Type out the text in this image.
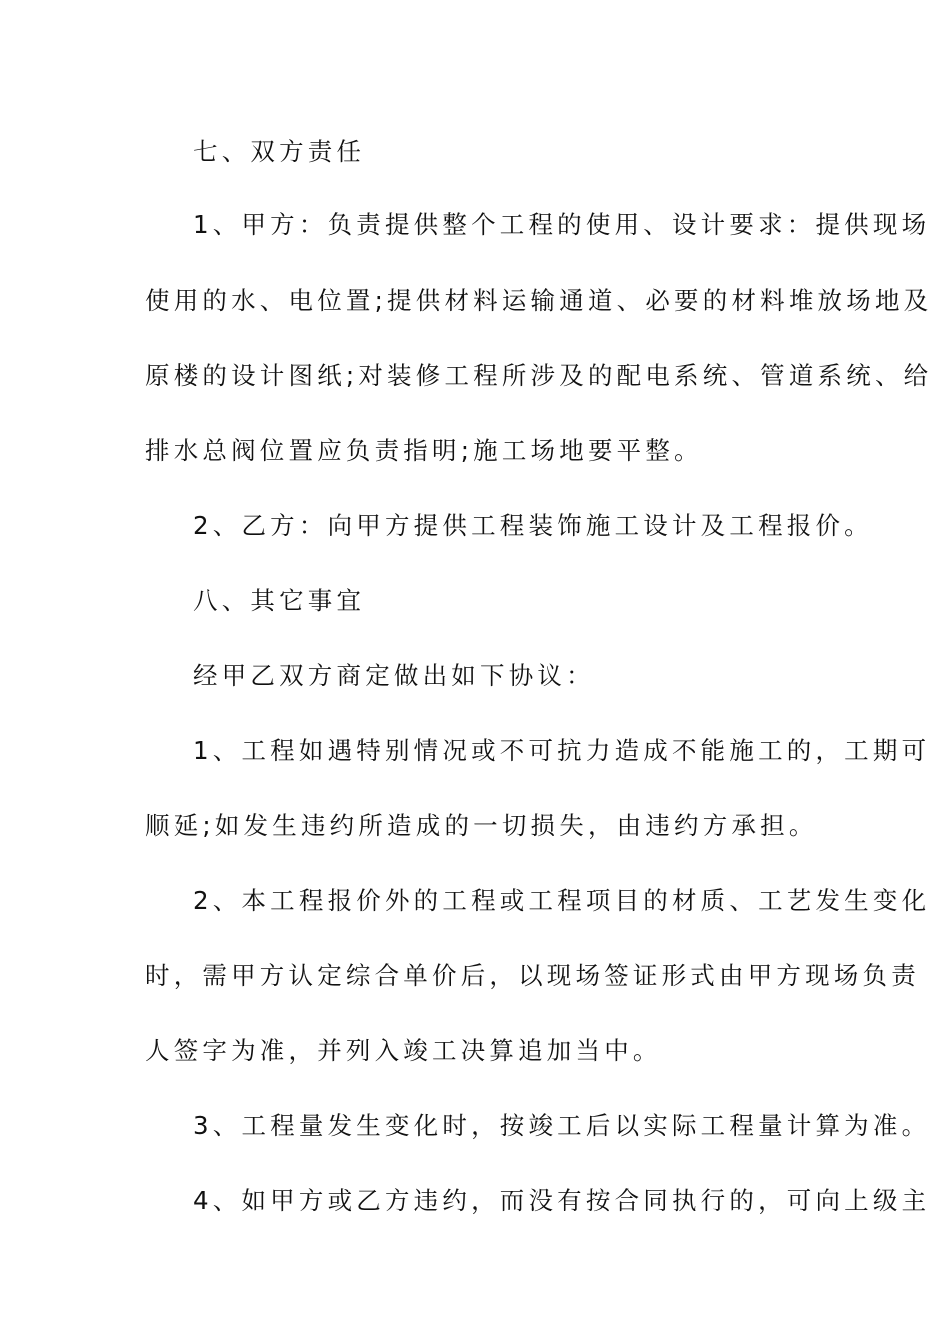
七、双方责任
1、甲方：负责提供整个工程的使用、设计要求：提供现场
使用的水、电位置;提供材料运输通道、必要的材料堆放场地及
原楼的设计图纸;对装修工程所涉及的配电系统、管道系统、给
排水总阀位置应负责指明;施工场地要平整。
2、乙方：向甲方提供工程装饰施工设计及工程报价。
八、其它事宜
经甲乙双方商定做出如下协议：
1、工程如遇特别情况或不可抗力造成不能施工的，工期可
顺延;如发生违约所造成的一切损失，由违约方承担。
2、本工程报价外的工程或工程项目的材质、工艺发生变化
时，需甲方认定综合单价后，以现场签证形式由甲方现场负责
人签字为准，并列入竣工决算追加当中。
3、工程量发生变化时，按竣工后以实际工程量计算为准。
4、如甲方或乙方违约，而没有按合同执行的，可向上级主
